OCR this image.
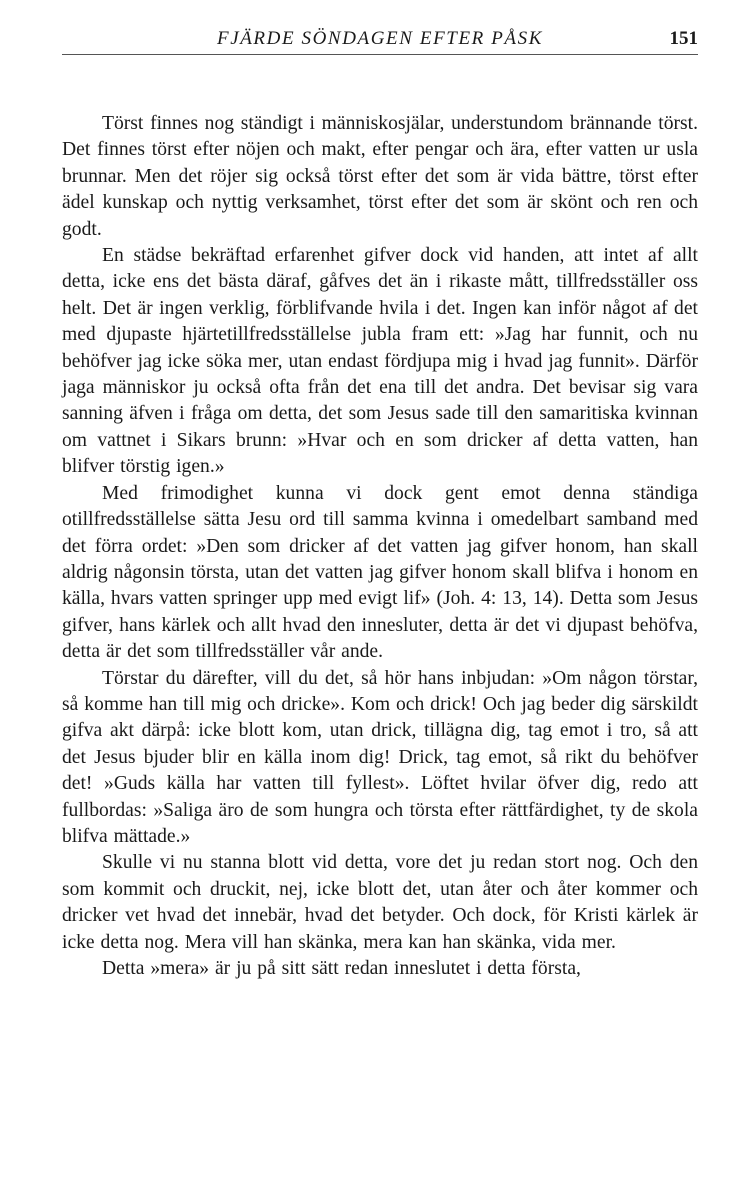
FJÄRDE SÖNDAGEN EFTER PÅSK	151

Törst finnes nog ständigt i människosjälar, understundom brännande törst. Det finnes törst efter nöjen och makt, efter pengar och ära, efter vatten ur usla brunnar. Men det röjer sig också törst efter det som är vida bättre, törst efter ädel kunskap och nyttig verksamhet, törst efter det som är skönt och ren och godt.

En städse bekräftad erfarenhet gifver dock vid handen, att intet af allt detta, icke ens det bästa däraf, gåfves det än i rikaste mått, tillfredsställer oss helt. Det är ingen verklig, förblifvande hvila i det. Ingen kan inför något af det med djupaste hjärtetillfredsställelse jubla fram ett: »Jag har funnit, och nu behöfver jag icke söka mer, utan endast fördjupa mig i hvad jag funnit». Därför jaga människor ju också ofta från det ena till det andra. Det bevisar sig vara sanning äfven i fråga om detta, det som Jesus sade till den samaritiska kvinnan om vattnet i Sikars brunn: »Hvar och en som dricker af detta vatten, han blifver törstig igen.»

Med frimodighet kunna vi dock gent emot denna ständiga otillfredsställelse sätta Jesu ord till samma kvinna i omedelbart samband med det förra ordet: »Den som dricker af det vatten jag gifver honom, han skall aldrig någonsin törsta, utan det vatten jag gifver honom skall blifva i honom en källa, hvars vatten springer upp med evigt lif» (Joh. 4: 13, 14). Detta som Jesus gifver, hans kärlek och allt hvad den innesluter, detta är det vi djupast behöfva, detta är det som tillfredsställer vår ande.

Törstar du därefter, vill du det, så hör hans inbjudan: »Om någon törstar, så komme han till mig och dricke». Kom och drick! Och jag beder dig särskildt gifva akt därpå: icke blott kom, utan drick, tillägna dig, tag emot i tro, så att det Jesus bjuder blir en källa inom dig! Drick, tag emot, så rikt du behöfver det! »Guds källa har vatten till fyllest». Löftet hvilar öfver dig, redo att fullbordas: »Saliga äro de som hungra och törsta efter rättfärdighet, ty de skola blifva mättade.»

Skulle vi nu stanna blott vid detta, vore det ju redan stort nog. Och den som kommit och druckit, nej, icke blott det, utan åter och åter kommer och dricker vet hvad det innebär, hvad det betyder. Och dock, för Kristi kärlek är icke detta nog. Mera vill han skänka, mera kan han skänka, vida mer.

Detta »mera» är ju på sitt sätt redan inneslutet i detta första,
